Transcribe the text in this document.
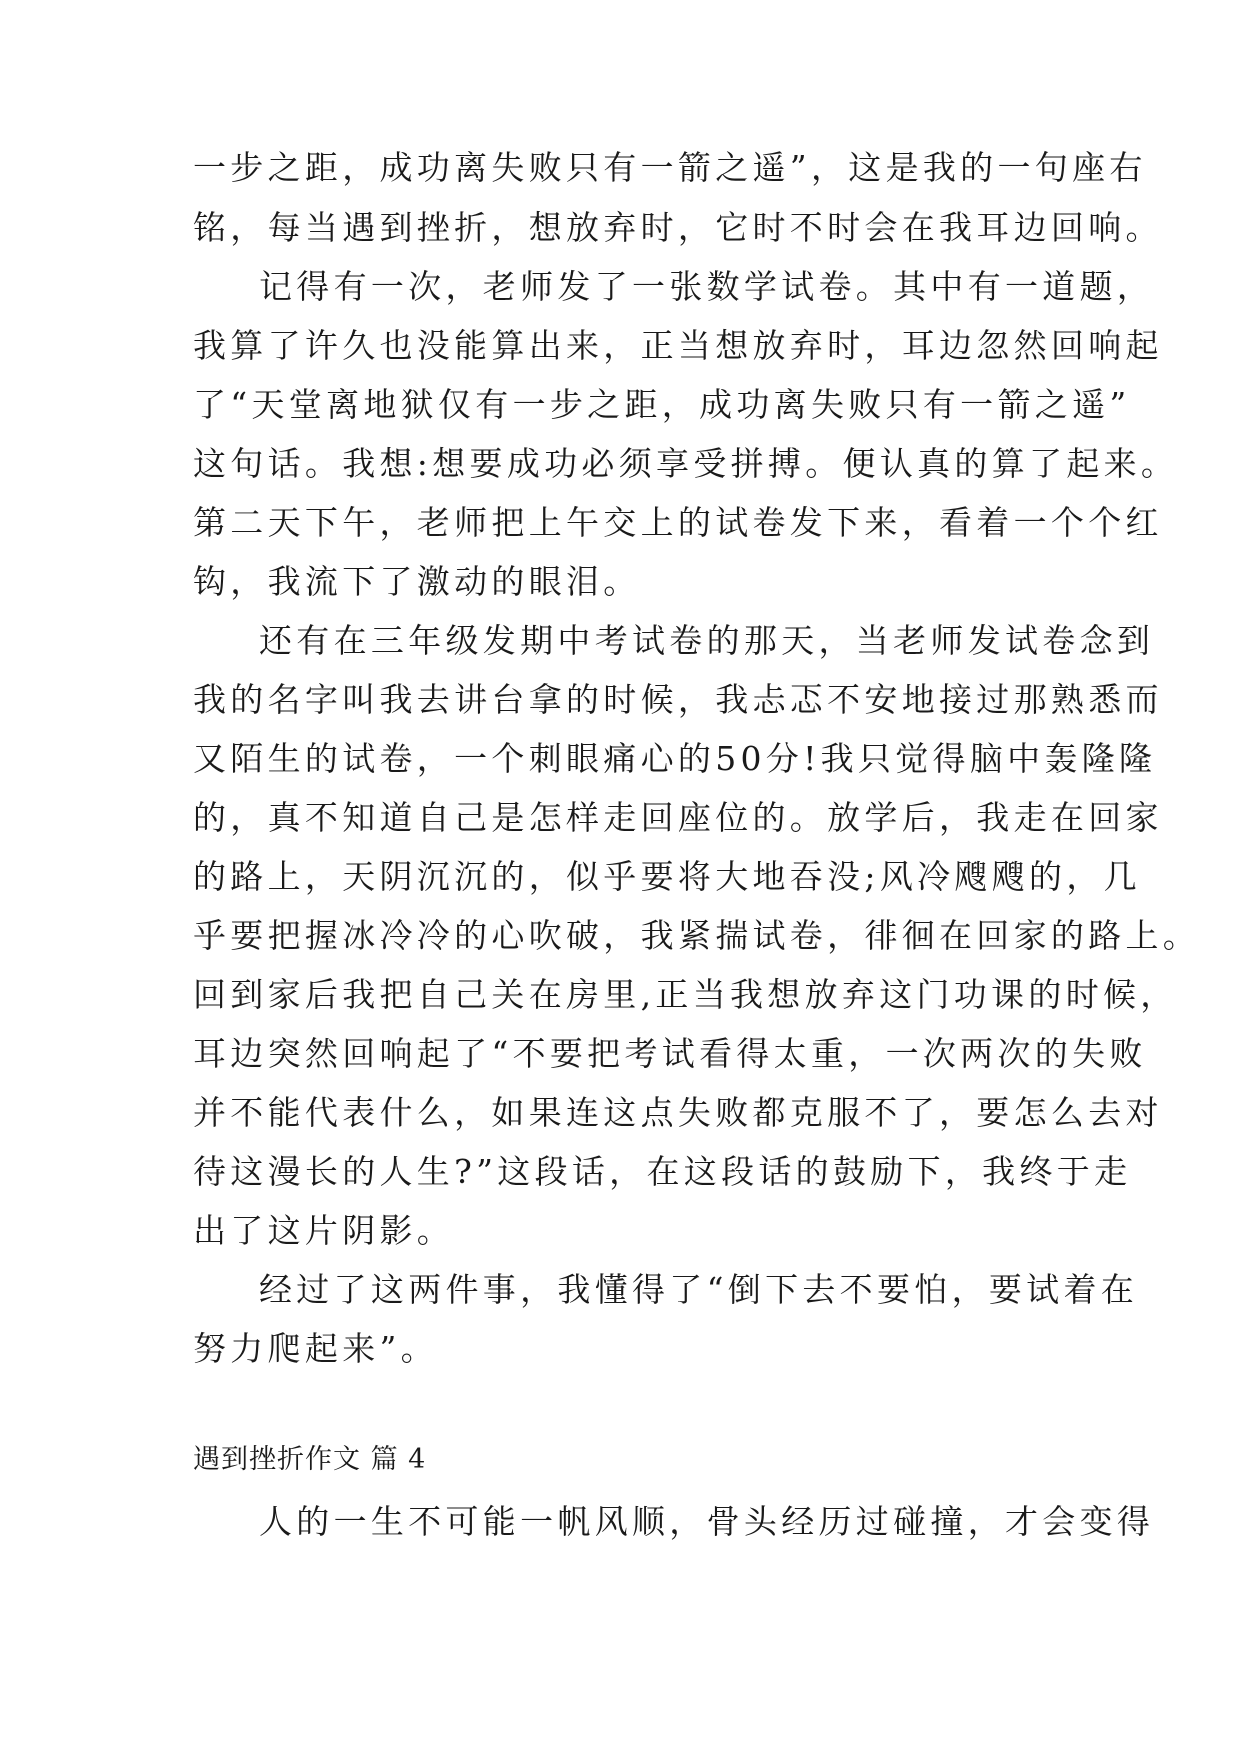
一步之距，成功离失败只有一箭之遥”，这是我的一句座右
铭，每当遇到挫折，想放弃时，它时不时会在我耳边回响。
记得有一次，老师发了一张数学试卷。其中有一道题，
我算了许久也没能算出来，正当想放弃时，耳边忽然回响起
了“天堂离地狱仅有一步之距，成功离失败只有一箭之遥”
这句话。我想:想要成功必须享受拼搏。便认真的算了起来。
第二天下午，老师把上午交上的试卷发下来，看着一个个红
钩，我流下了激动的眼泪。
还有在三年级发期中考试卷的那天，当老师发试卷念到
我的名字叫我去讲台拿的时候，我忐忑不安地接过那熟悉而
又陌生的试卷，一个刺眼痛心的50分!我只觉得脑中轰隆隆
的，真不知道自己是怎样走回座位的。放学后，我走在回家
的路上，天阴沉沉的，似乎要将大地吞没;风冷飕飕的，几
乎要把握冰冷冷的心吹破，我紧揣试卷，徘徊在回家的路上。
回到家后我把自己关在房里,正当我想放弃这门功课的时候，
耳边突然回响起了“不要把考试看得太重，一次两次的失败
并不能代表什么，如果连这点失败都克服不了，要怎么去对
待这漫长的人生?”这段话，在这段话的鼓励下，我终于走
出了这片阴影。
经过了这两件事，我懂得了“倒下去不要怕，要试着在
努力爬起来”。
遇到挫折作文 篇 4
人的一生不可能一帆风顺，骨头经历过碰撞，才会变得
